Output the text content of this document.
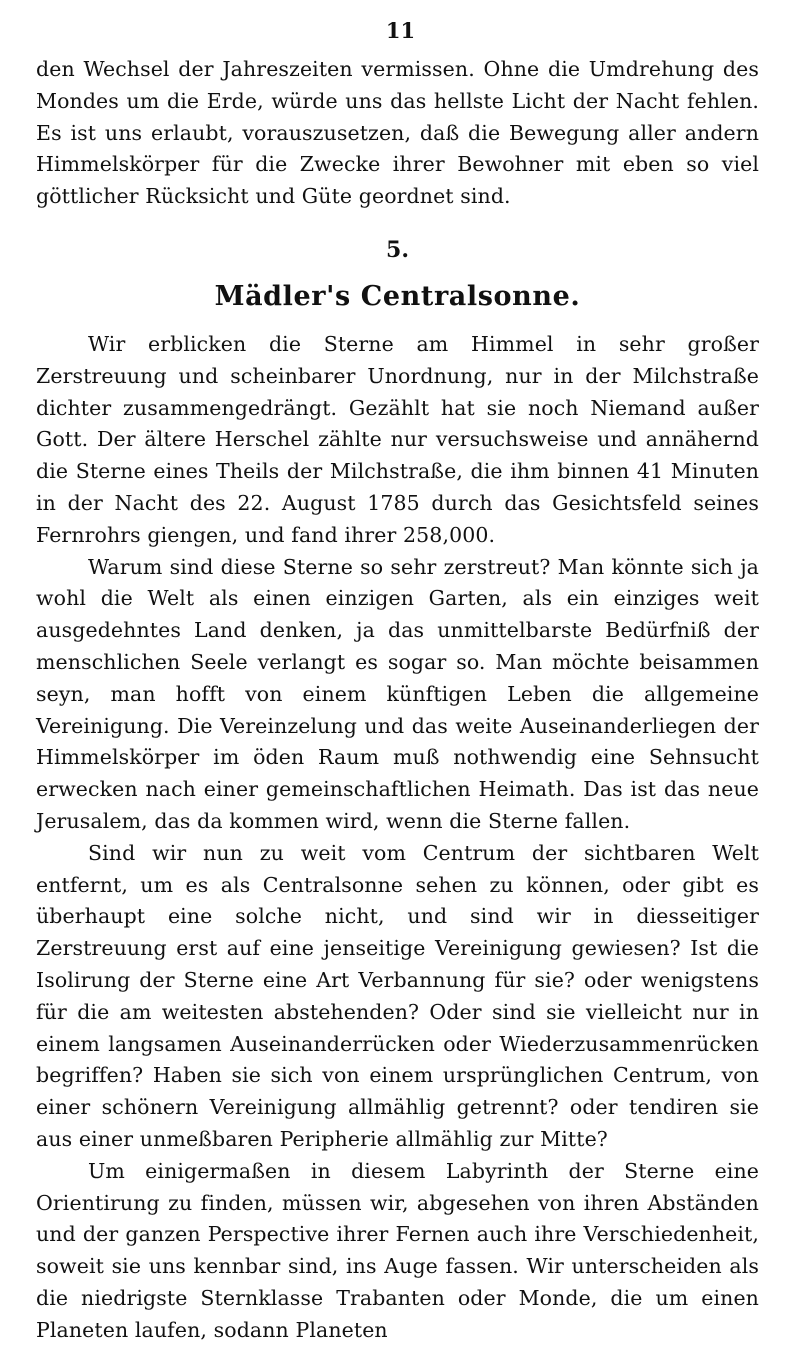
11

den Wechsel der Jahreszeiten vermissen. Ohne die Umdrehung des Mondes um die Erde, würde uns das hellste Licht der Nacht fehlen. Es ist uns erlaubt, vorauszusetzen, daß die Bewegung aller andern Himmelskörper für die Zwecke ihrer Bewohner mit eben so viel göttlicher Rücksicht und Güte geordnet sind.

5.
Mädler's Centralsonne.

Wir erblicken die Sterne am Himmel in sehr großer Zerstreuung und scheinbarer Unordnung, nur in der Milchstraße dichter zusammengedrängt. Gezählt hat sie noch Niemand außer Gott. Der ältere Herschel zählte nur versuchsweise und annähernd die Sterne eines Theils der Milchstraße, die ihm binnen 41 Minuten in der Nacht des 22. August 1785 durch das Gesichtsfeld seines Fernrohrs giengen, und fand ihrer 258,000.

Warum sind diese Sterne so sehr zerstreut? Man könnte sich ja wohl die Welt als einen einzigen Garten, als ein einziges weit ausgedehntes Land denken, ja das unmittelbarste Bedürfniß der menschlichen Seele verlangt es sogar so. Man möchte beisammen seyn, man hofft von einem künftigen Leben die allgemeine Vereinigung. Die Vereinzelung und das weite Auseinanderliegen der Himmelskörper im öden Raum muß nothwendig eine Sehnsucht erwecken nach einer gemeinschaftlichen Heimath. Das ist das neue Jerusalem, das da kommen wird, wenn die Sterne fallen.

Sind wir nun zu weit vom Centrum der sichtbaren Welt entfernt, um es als Centralsonne sehen zu können, oder gibt es überhaupt eine solche nicht, und sind wir in diesseitiger Zerstreuung erst auf eine jenseitige Vereinigung gewiesen? Ist die Isolirung der Sterne eine Art Verbannung für sie? oder wenigstens für die am weitesten abstehenden? Oder sind sie vielleicht nur in einem langsamen Auseinanderrücken oder Wiederzusammenrücken begriffen? Haben sie sich von einem ursprünglichen Centrum, von einer schönern Vereinigung allmählig getrennt? oder tendiren sie aus einer unmeßbaren Peripherie allmählig zur Mitte?

Um einigermaßen in diesem Labyrinth der Sterne eine Orientirung zu finden, müssen wir, abgesehen von ihren Abständen und der ganzen Perspective ihrer Fernen auch ihre Verschiedenheit, soweit sie uns kennbar sind, ins Auge fassen. Wir unterscheiden als die niedrigste Sternklasse Trabanten oder Monde, die um einen Planeten laufen, sodann Planeten
